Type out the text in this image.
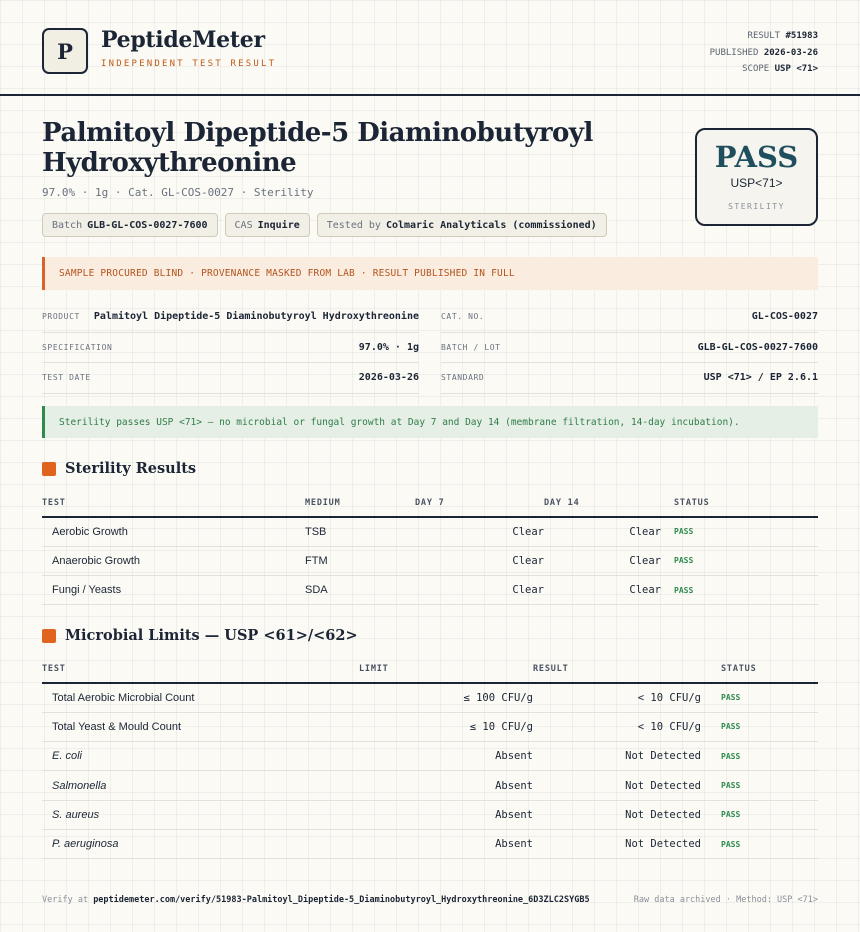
P	PeptideMeter
INDEPENDENT TEST RESULT
RESULT #51983
PUBLISHED 2026-03-26
SCOPE USP <71>
Palmitoyl Dipeptide-5 Diaminobutyroyl
Hydroxythreonine
97.0% · 1g · Cat. GL-COS-0027 · Sterility
Batch GLB-GL-COS-0027-7600	CAS Inquire	Tested by Colmaric Analyticals (commissioned)
PASS
USP<71>
STERILITY
SAMPLE PROCURED BLIND · PROVENANCE MASKED FROM LAB · RESULT PUBLISHED IN FULL
PRODUCT Palmitoyl Dipeptide-5 Diaminobutyroyl Hydroxythreonine
SPECIFICATION	97.0% · 1g
TEST DATE	2026-03-26
CAT. NO.	GL-COS-0027
BATCH / LOT	GLB-GL-COS-0027-7600
STANDARD	USP <71> / EP 2.6.1
Sterility passes USP <71> — no microbial or fungal growth at Day 7 and Day 14 (membrane filtration, 14-day incubation).
Sterility Results
TEST	MEDIUM	DAY 7	DAY 14	STATUS
Aerobic Growth	TSB	Clear	Clear	PASS
Anaerobic Growth	FTM	Clear	Clear	PASS
Fungi / Yeasts	SDA	Clear	Clear	PASS
Microbial Limits — USP <61>/<62>
TEST	LIMIT	RESULT	STATUS
Total Aerobic Microbial Count	≤ 100 CFU/g	< 10 CFU/g	PASS
Total Yeast & Mould Count	≤ 10 CFU/g	< 10 CFU/g	PASS
E. coli	Absent	Not Detected	PASS
Salmonella	Absent	Not Detected	PASS
S. aureus	Absent	Not Detected	PASS
P. aeruginosa	Absent	Not Detected	PASS
Verify at peptidemeter.com/verify/51983-Palmitoyl_Dipeptide-5_Diaminobutyroyl_Hydroxythreonine_6D3ZLC2SYGB5	Raw data archived · Method: USP <71>
